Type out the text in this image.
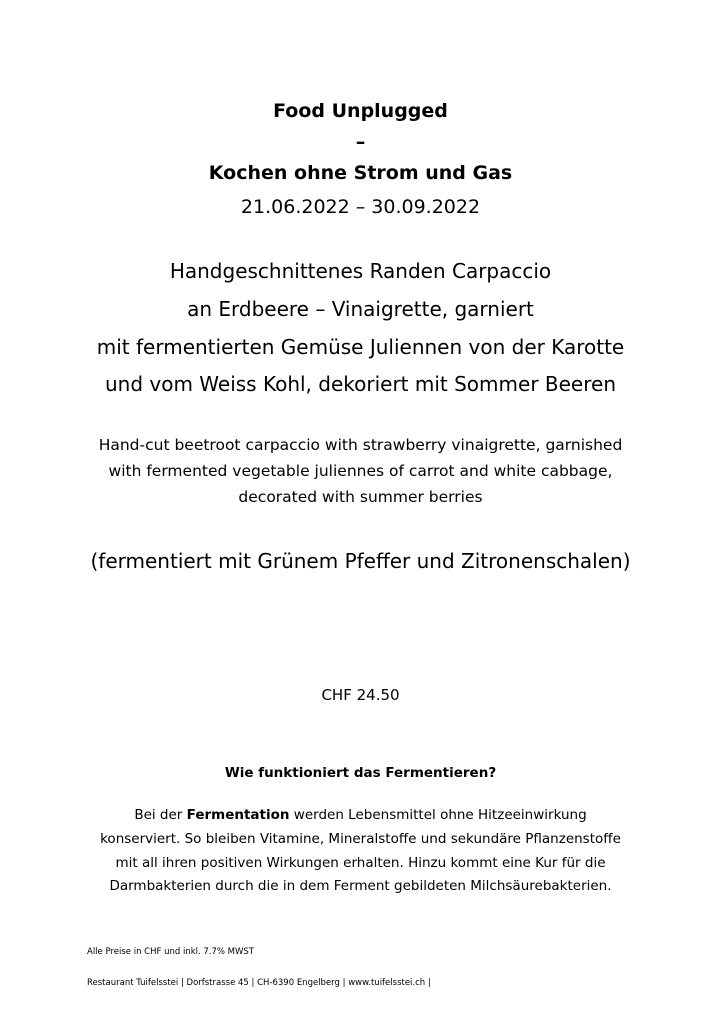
Food Unplugged
–
Kochen ohne Strom und Gas
21.06.2022 – 30.09.2022
Handgeschnittenes Randen Carpaccio
an Erdbeere – Vinaigrette, garniert
mit fermentierten Gemüse Juliennen von der Karotte
und vom Weiss Kohl, dekoriert mit Sommer Beeren
Hand-cut beetroot carpaccio with strawberry vinaigrette, garnished
with fermented vegetable juliennes of carrot and white cabbage,
decorated with summer berries
(fermentiert mit Grünem Pfeffer und Zitronenschalen)
CHF 24.50
Wie funktioniert das Fermentieren?
Bei der Fermentation werden Lebensmittel ohne Hitzeeinwirkung
konserviert. So bleiben Vitamine, Mineralstoffe und sekundäre Pflanzenstoffe
mit all ihren positiven Wirkungen erhalten. Hinzu kommt eine Kur für die
Darmbakterien durch die in dem Ferment gebildeten Milchsäurebakterien.
Alle Preise in CHF und inkl. 7.7% MWST
Restaurant Tuifelsstei | Dorfstrasse 45 | CH-6390 Engelberg | www.tuifelsstei.ch |
